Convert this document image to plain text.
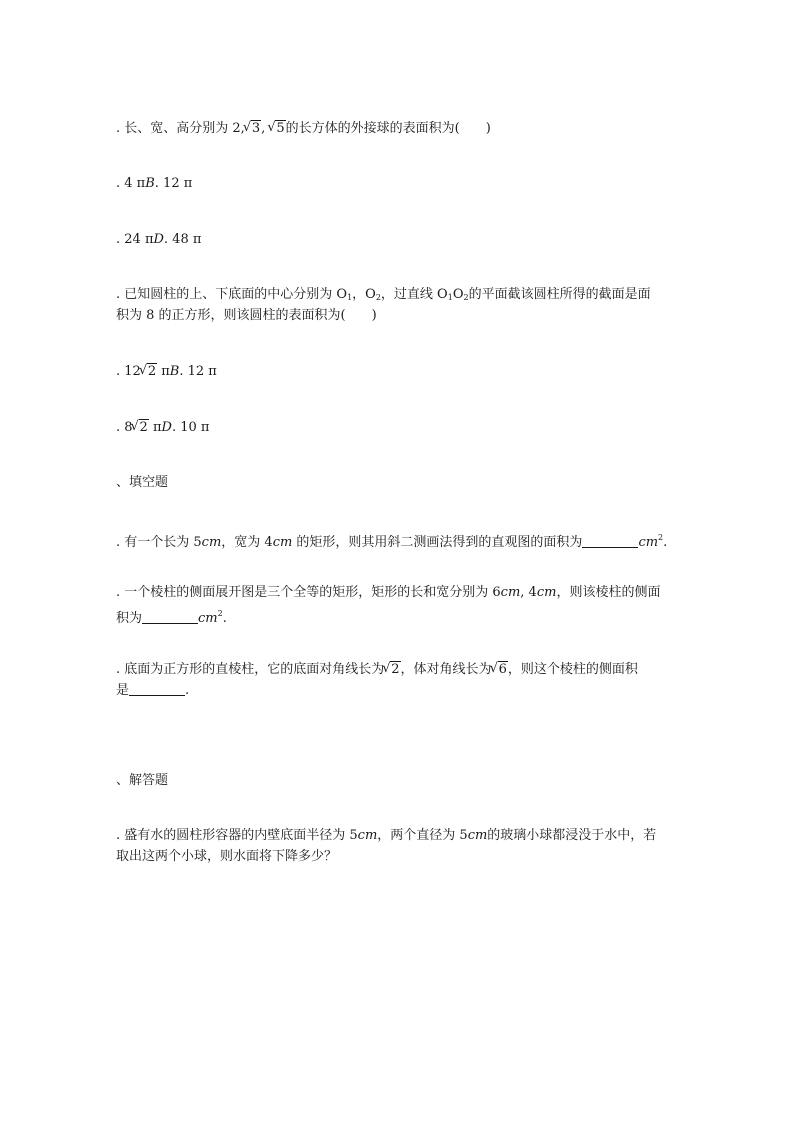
. 长、宽、高分别为 2, √ 3, √ 5的长方体的外接球的表面积为(　　)
. 4 πB. 12 π
. 24 πD. 48 π
. 已知圆柱的上、下底面的中心分别为 $O_1$，$O_2$，过直线 $O_1O_2$的平面截该圆柱所得的截面是面
积为 8 的正方形，则该圆柱的表面积为(　　)
. 12 √ 2 πB. 12 π
. 8 √ 2 πD. 10 π
、填空题
. 有一个长为 5cm，宽为 4cm 的矩形，则其用斜二测画法得到的直观图的面积为	$cm^2$.
. 一个棱柱的侧面展开图是三个全等的矩形，矩形的长和宽分别为 6cm, 4cm，则该棱柱的侧面
积为	$cm^2$.
. 底面为正方形的直棱柱，它的底面对角线长为 √ 2，体对角线长为 √ 6，则这个棱柱的侧面积
是	.
、解答题
. 盛有水的圆柱形容器的内壁底面半径为 5cm，两个直径为 5cm的玻璃小球都浸没于水中，若
取出这两个小球，则水面将下降多少？
